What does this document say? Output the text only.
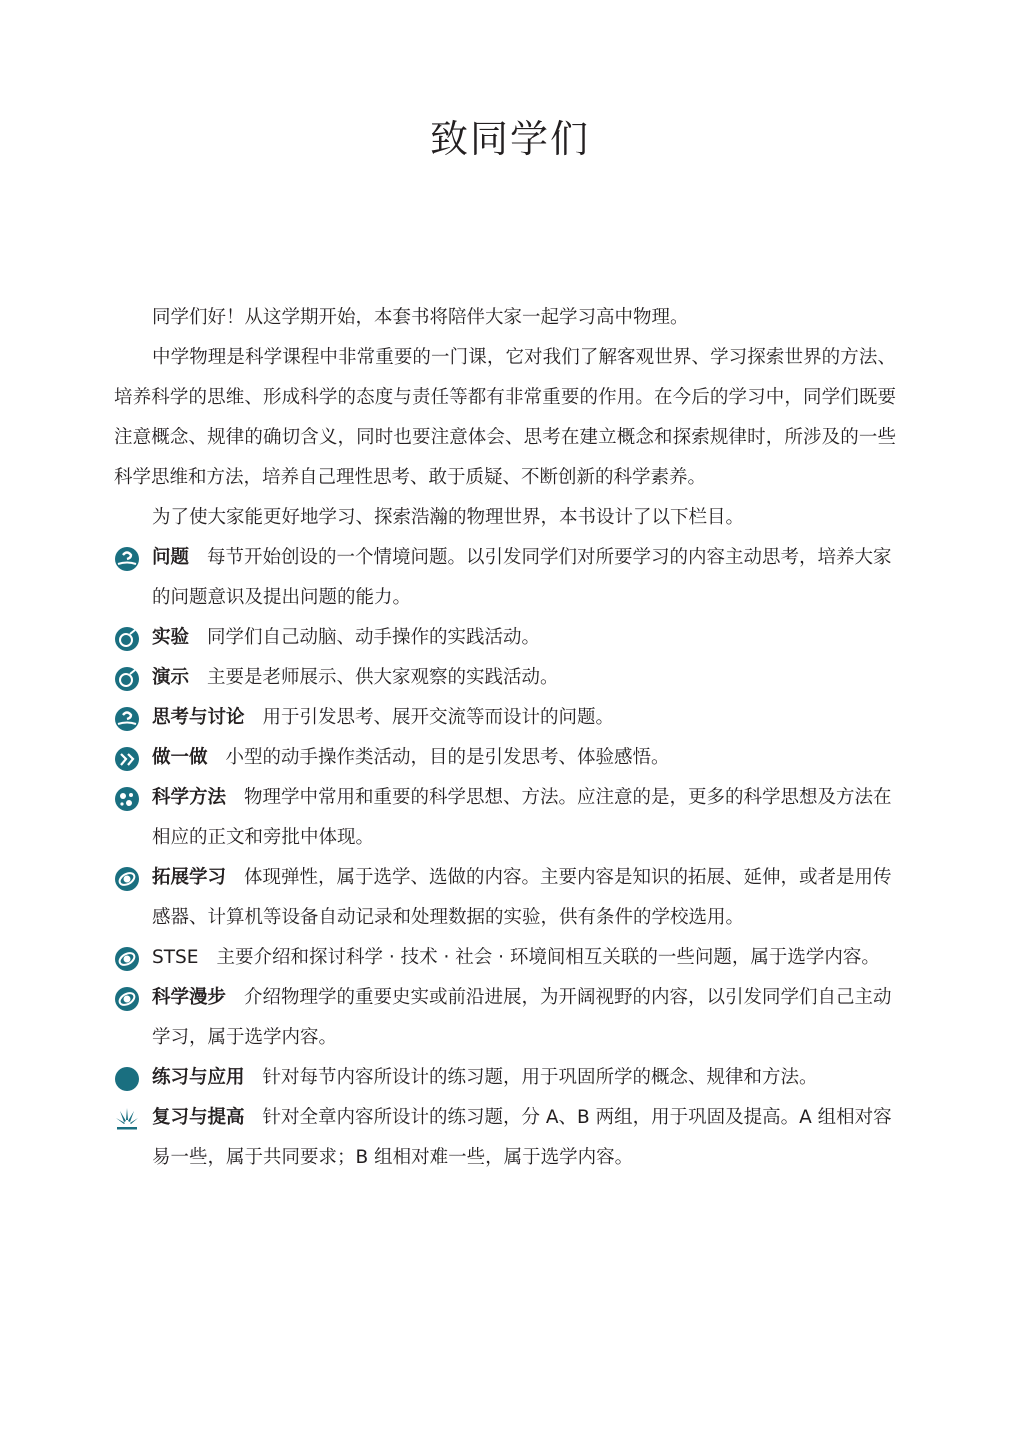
致同学们

同学们好！从这学期开始，本套书将陪伴大家一起学习高中物理。

中学物理是科学课程中非常重要的一门课，它对我们了解客观世界、学习探索世界的方法、培养科学的思维、形成科学的态度与责任等都有非常重要的作用。在今后的学习中，同学们既要注意概念、规律的确切含义，同时也要注意体会、思考在建立概念和探索规律时，所涉及的一些科学思维和方法，培养自己理性思考、敢于质疑、不断创新的科学素养。

为了使大家能更好地学习、探索浩瀚的物理世界，本书设计了以下栏目。

问题 每节开始创设的一个情境问题。以引发同学们对所要学习的内容主动思考，培养大家的问题意识及提出问题的能力。
实验 同学们自己动脑、动手操作的实践活动。
演示 主要是老师展示、供大家观察的实践活动。
思考与讨论 用于引发思考、展开交流等而设计的问题。
做一做 小型的动手操作类活动，目的是引发思考、体验感悟。
科学方法 物理学中常用和重要的科学思想、方法。应注意的是，更多的科学思想及方法在相应的正文和旁批中体现。
拓展学习 体现弹性，属于选学、选做的内容。主要内容是知识的拓展、延伸，或者是用传感器、计算机等设备自动记录和处理数据的实验，供有条件的学校选用。
STSE 主要介绍和探讨科学 · 技术 · 社会 · 环境间相互关联的一些问题，属于选学内容。
科学漫步 介绍物理学的重要史实或前沿进展，为开阔视野的内容，以引发同学们自己主动学习，属于选学内容。
练习与应用 针对每节内容所设计的练习题，用于巩固所学的概念、规律和方法。
复习与提高 针对全章内容所设计的练习题，分 A、B 两组，用于巩固及提高。A 组相对容易一些，属于共同要求；B 组相对难一些，属于选学内容。
